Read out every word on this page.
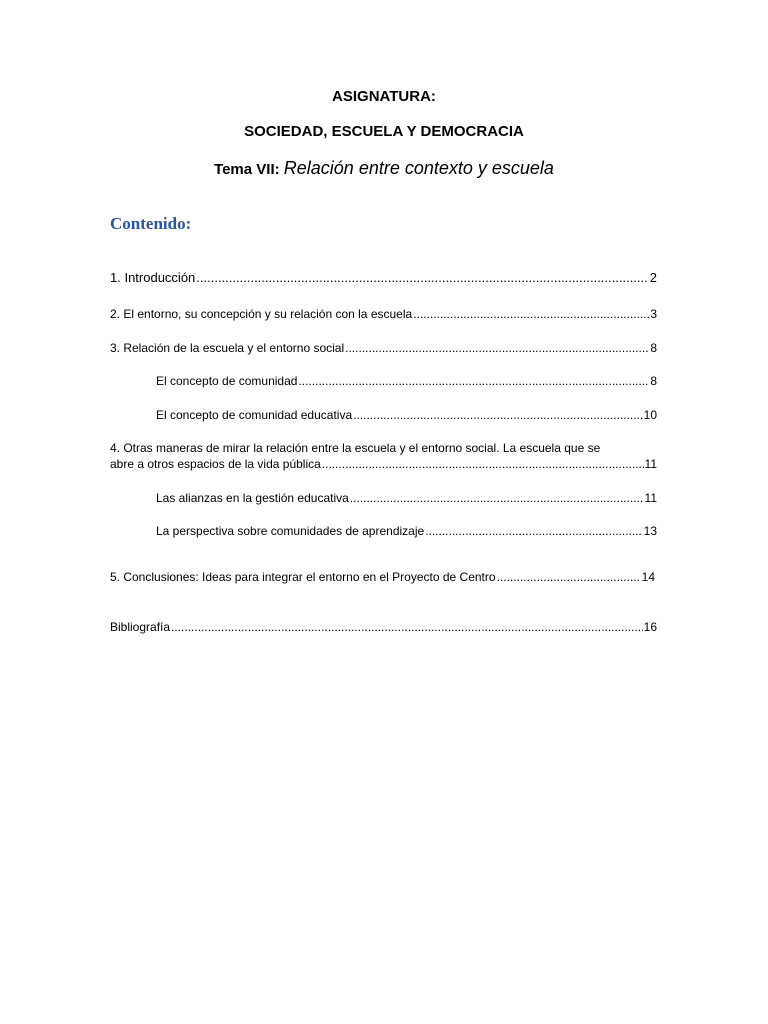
ASIGNATURA:
SOCIEDAD, ESCUELA Y DEMOCRACIA
Tema VII: Relación entre contexto y escuela
Contenido:
1. Introducción .....	2
2. El entorno, su concepción y su relación con la escuela .....	3
3. Relación de la escuela y el entorno social .....	8
El concepto de comunidad .....	8
El concepto de comunidad educativa .....	10
4. Otras maneras de mirar la relación entre la escuela y el entorno social. La escuela que se
abre a otros espacios de la vida pública .....	11
Las alianzas en la gestión educativa .....	11
La perspectiva sobre comunidades de aprendizaje .....	13
5. Conclusiones: Ideas para integrar el entorno en el Proyecto de Centro .....	14
Bibliografía .....	16
